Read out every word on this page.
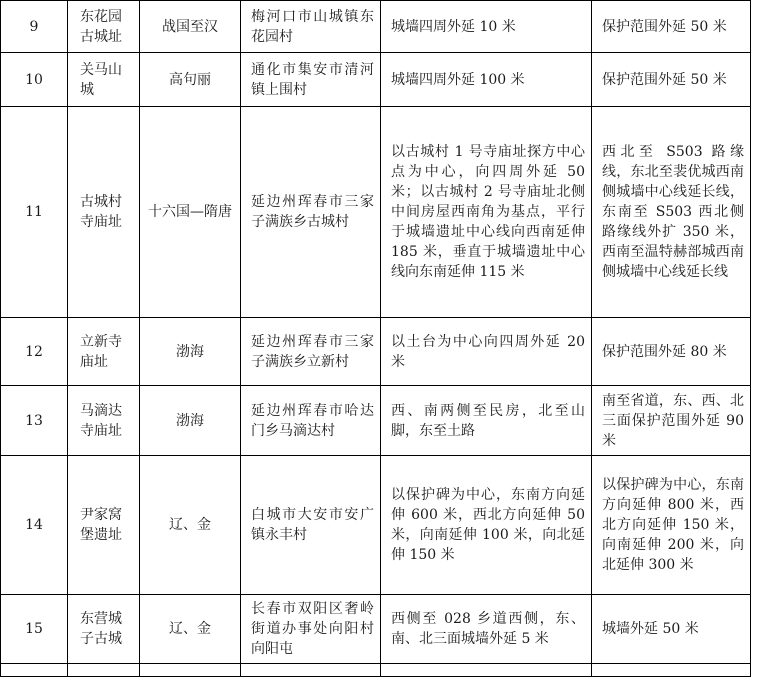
9	东花园古城址	战国至汉	梅河口市山城镇东花园村	城墙四周外延 10 米	保护范围外延 50 米
10	关马山城	高句丽	通化市集安市清河镇上围村	城墙四周外延 100 米	保护范围外延 50 米
11	古城村寺庙址	十六国—隋唐	延边州珲春市三家子满族乡古城村	以古城村 1 号寺庙址探方中心点为中心，向四周外延 50 米；以古城村 2 号寺庙址北侧中间房屋西南角为基点，平行于城墙遗址中心线向西南延伸 185 米，垂直于城墙遗址中心线向东南延伸 115 米	西北至 S503 路缘线，东北至裴优城西南侧城墙中心线延长线，东南至 S503 西北侧路缘线外扩 350 米，西南至温特赫部城西南侧城墙中心线延长线
12	立新寺庙址	渤海	延边州珲春市三家子满族乡立新村	以土台为中心向四周外延 20 米	保护范围外延 80 米
13	马滴达寺庙址	渤海	延边州珲春市哈达门乡马滴达村	西、南两侧至民房，北至山脚，东至土路	南至省道，东、西、北三面保护范围外延 90 米
14	尹家窝堡遗址	辽、金	白城市大安市安广镇永丰村	以保护碑为中心，东南方向延伸 600 米，西北方向延伸 50 米，向南延伸 100 米，向北延伸 150 米	以保护碑为中心，东南方向延伸 800 米，西北方向延伸 150 米，向南延伸 200 米，向北延伸 300 米
15	东营城子古城	辽、金	长春市双阳区奢岭街道办事处向阳村向阳屯	西侧至 028 乡道西侧，东、南、北三面城墙外延 5 米	城墙外延 50 米
